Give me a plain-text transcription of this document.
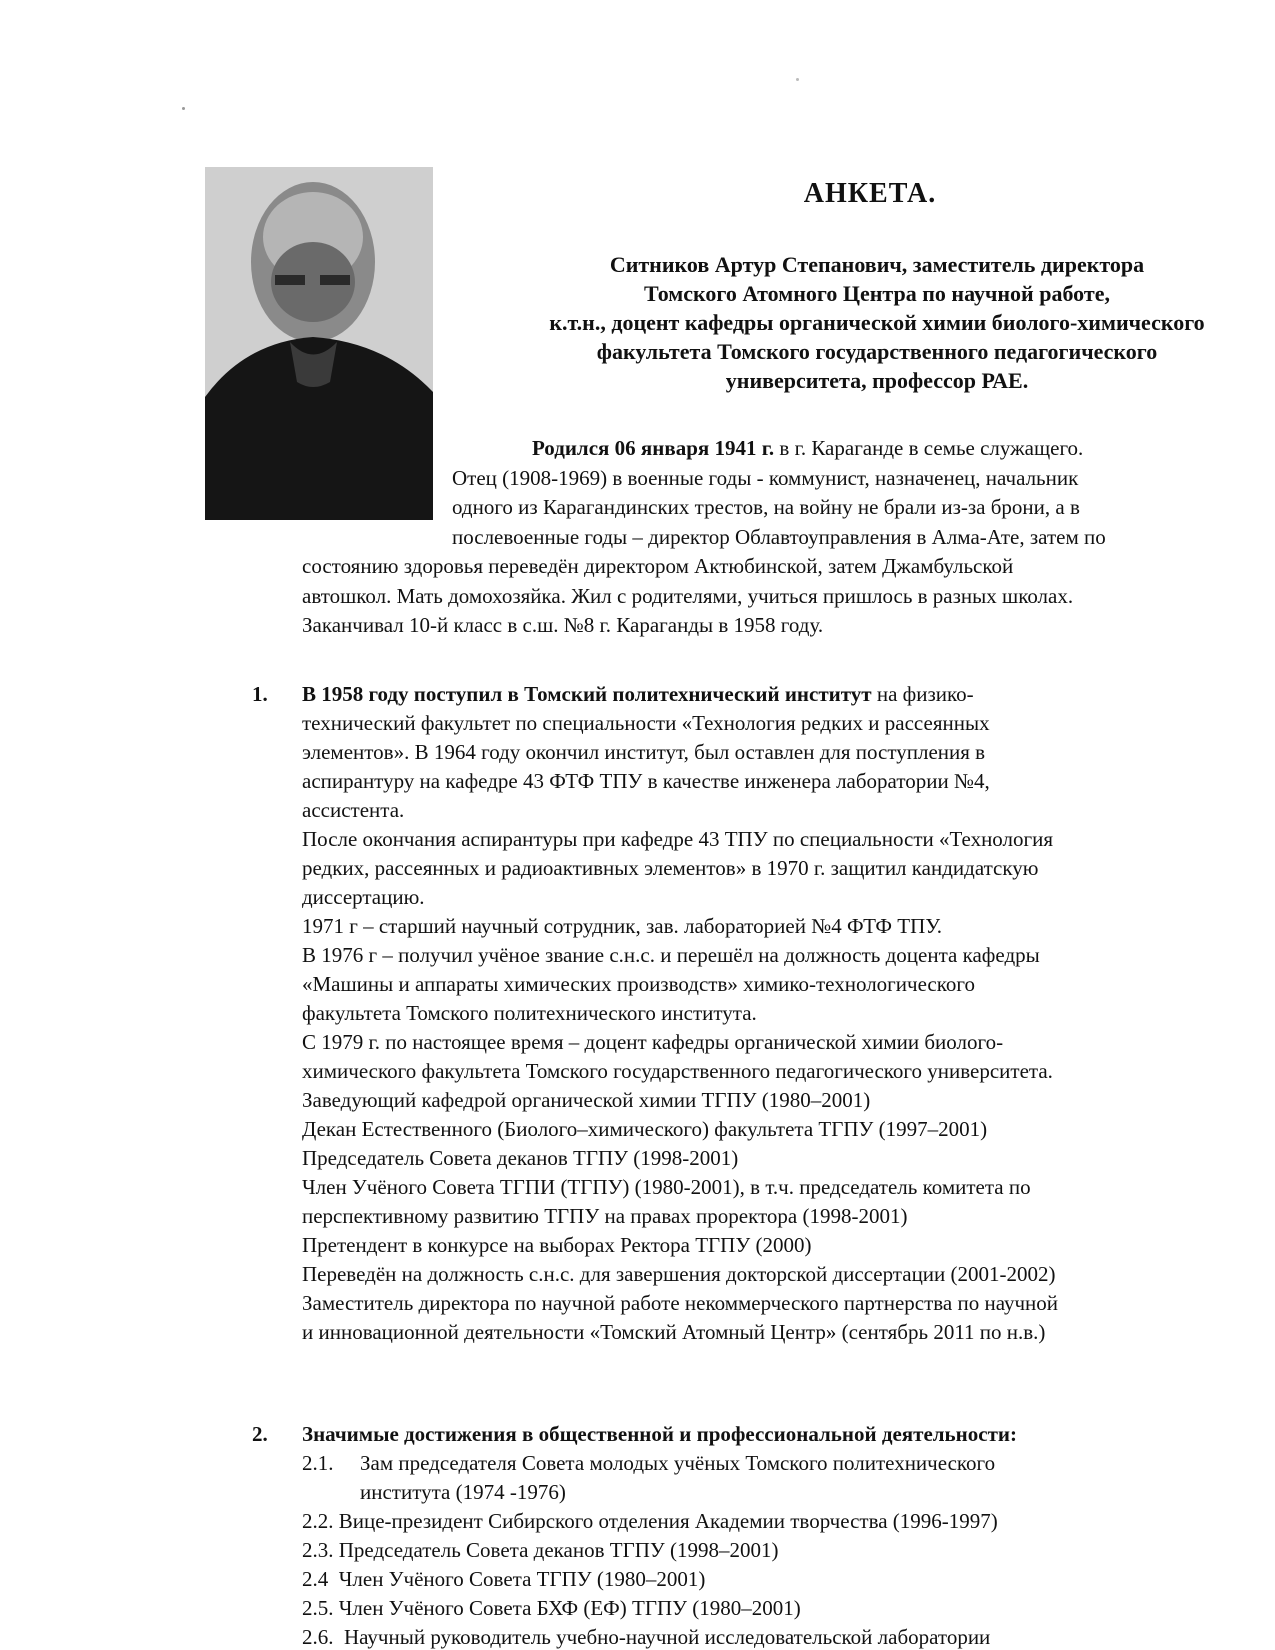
АНКЕТА.
Ситников Артур Степанович, заместитель директора
Томского Атомного Центра по научной работе,
к.т.н., доцент кафедры органической химии биолого-химического
факультета Томского государственного педагогического
университета, профессор РАЕ.
Родился 06 января 1941 г. в г. Караганде в семье служащего.
Отец (1908-1969) в военные годы - коммунист, назначенец, начальник
одного из Карагандинских трестов, на войну не брали из-за брони, а в
послевоенные годы – директор Облавтоуправления в Алма-Ате, затем по
состоянию здоровья переведён директором Актюбинской, затем Джамбульской
автошкол. Мать домохозяйка. Жил с родителями, учиться пришлось в разных школах.
Заканчивал 10-й класс в с.ш. №8 г. Караганды в 1958 году.
1. В 1958 году поступил в Томский политехнический институт на физико-
технический факультет по специальности «Технология редких и рассеянных
элементов». В 1964 году окончил институт, был оставлен для поступления в
аспирантуру на кафедре 43 ФТФ ТПУ в качестве инженера лаборатории №4,
ассистента.
После окончания аспирантуры при кафедре 43 ТПУ по специальности «Технология
редких, рассеянных и радиоактивных элементов» в 1970 г. защитил кандидатскую
диссертацию.
1971 г – старший научный сотрудник, зав. лабораторией №4 ФТФ ТПУ.
В 1976 г – получил учёное звание с.н.с. и перешёл на должность доцента кафедры
«Машины и аппараты химических производств» химико-технологического
факультета Томского политехнического института.
С 1979 г. по настоящее время – доцент кафедры органической химии биолого-
химического факультета Томского государственного педагогического университета.
Заведующий кафедрой органической химии ТГПУ (1980–2001)
Декан Естественного (Биолого–химического) факультета ТГПУ (1997–2001)
Председатель Совета деканов ТГПУ (1998-2001)
Член Учёного Совета ТГПИ (ТГПУ) (1980-2001), в т.ч. председатель комитета по
перспективному развитию ТГПУ на правах проректора (1998-2001)
Претендент в конкурсе на выборах Ректора ТГПУ (2000)
Переведён на должность с.н.с. для завершения докторской диссертации (2001-2002)
Заместитель директора по научной работе некоммерческого партнерства по научной
и инновационной деятельности «Томский Атомный Центр» (сентябрь 2011 по н.в.)
2. Значимые достижения в общественной и профессиональной деятельности:
2.1. Зам председателя Совета молодых учёных Томского политехнического
института (1974 -1976)
2.2. Вице-президент Сибирского отделения Академии творчества (1996-1997)
2.3. Председатель Совета деканов ТГПУ (1998–2001)
2.4 Член Учёного Совета ТГПУ (1980–2001)
2.5. Член Учёного Совета БХФ (ЕФ) ТГПУ (1980–2001)
2.6. Научный руководитель учебно-научной исследовательской лаборатории
